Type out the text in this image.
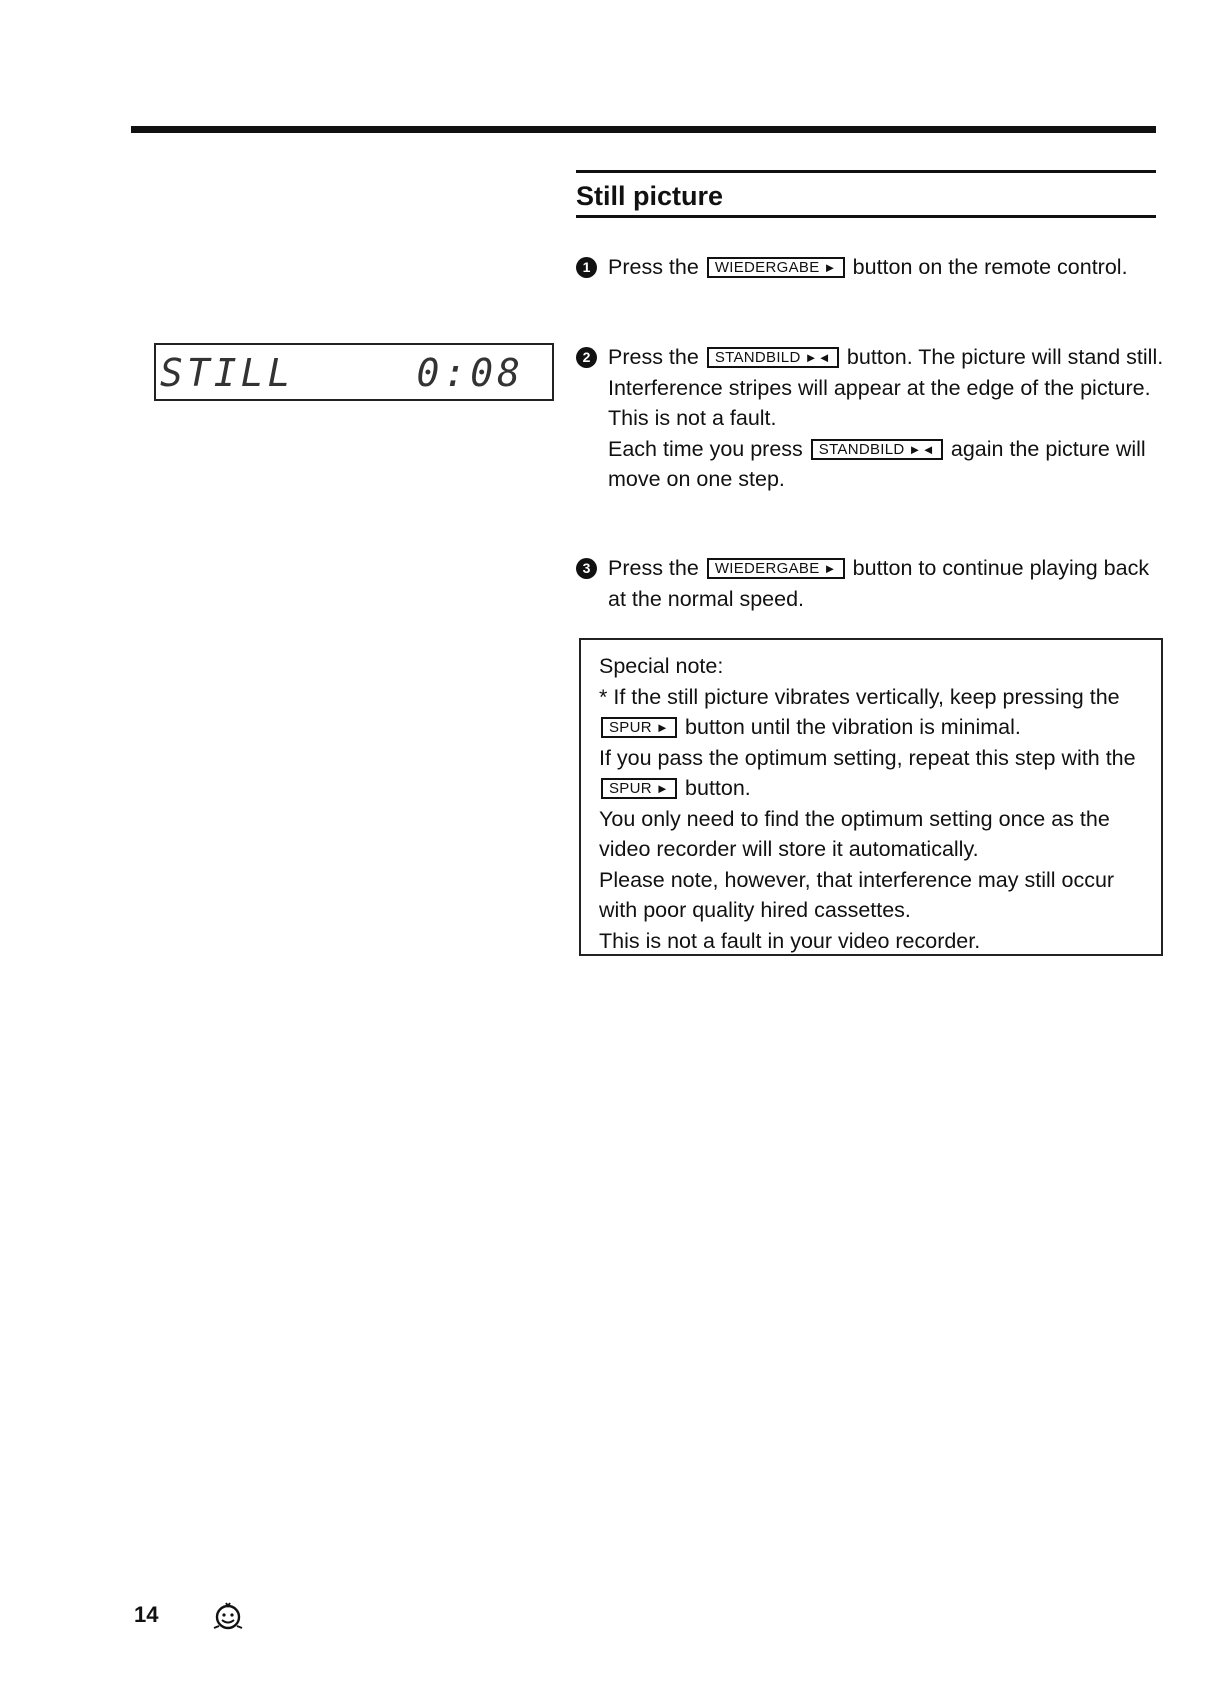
Still picture
STILL	0:08
1 Press the WIEDERGABE ► button on the remote control.

2 Press the STANDBILD ►◄ button. The picture will stand still.

Interference stripes will appear at the edge of the picture. This is not a fault.

Each time you press STANDBILD ►◄ again the picture will move on one step.

3 Press the WIEDERGABE ► button to continue playing back at the normal speed.

Special note:

* If the still picture vibrates vertically, keep pressing the SPUR ► button until the vibration is minimal.

If you pass the optimum setting, repeat this step with the SPUR ► button.

You only need to find the optimum setting once as the video recorder will store it automatically.

Please note, however, that interference may still occur with poor quality hired cassettes.

This is not a fault in your video recorder.

14
